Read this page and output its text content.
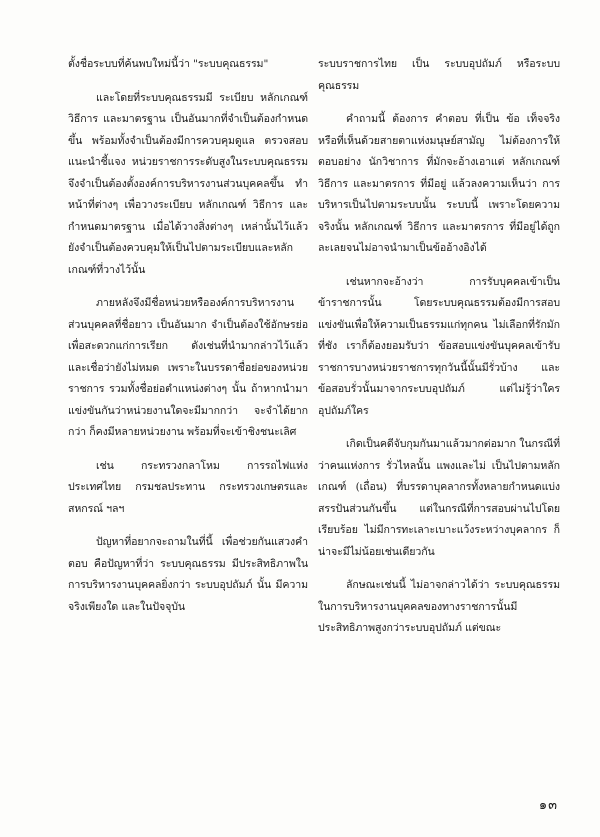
ตั้งชื่อระบบที่ค้นพบใหม่นี้ว่า "ระบบคุณธรรม"

และโดยที่ระบบคุณธรรมมี ระเบียบ หลักเกณฑ์ วิธีการ และมาตรฐาน เป็นอันมากที่จำเป็นต้องกำหนดขึ้น พร้อมทั้งจำเป็นต้องมีการควบคุมดูแล ตรวจสอบ แนะนำชี้แจง หน่วยราชการระดับสูงในระบบคุณธรรมจึงจำเป็นต้องตั้งองค์การบริหารงานส่วนบุคคลขึ้น ทำหน้าที่ต่างๆ เพื่อวางระเบียบ หลักเกณฑ์ วิธีการ และกำหนดมาตรฐาน เมื่อได้วางสิ่งต่างๆ เหล่านั้นไว้แล้ว ยังจำเป็นต้องควบคุมให้เป็นไปตามระเบียบและหลักเกณฑ์ที่วางไว้นั้น

ภายหลังจึงมีชื่อหน่วยหรือองค์การบริหารงานส่วนบุคคลที่ชื่อยาว เป็นอันมาก จำเป็นต้องใช้อักษรย่อ เพื่อสะดวกแก่การเรียก ดังเช่นที่นำมากล่าวไว้แล้ว และเชื่อว่ายังไม่หมด เพราะในบรรดาชื่อย่อของหน่วยราชการ รวมทั้งชื่อย่อตำแหน่งต่างๆ นั้น ถ้าหากนำมาแข่งขันกันว่าหน่วยงานใดจะมีมากกว่า จะจำได้ยากกว่า ก็คงมีหลายหน่วยงาน พร้อมที่จะเข้าชิงชนะเลิศ

เช่น กระทรวงกลาโหม การรถไฟแห่งประเทศไทย กรมชลประทาน กระทรวงเกษตรและสหกรณ์ ฯลฯ

ปัญหาที่อยากจะถามในที่นี้ เพื่อช่วยกันแสวงคำตอบ คือปัญหาที่ว่า ระบบคุณธรรม มีประสิทธิภาพในการบริหารงานบุคคลยิ่งกว่า ระบบอุปถัมภ์ นั้น มีความจริงเพียงใด และในปัจจุบัน

ระบบราชการไทย เป็น ระบบอุปถัมภ์ หรือระบบคุณธรรม

คำถามนี้ ต้องการ คำตอบ ที่เป็น ข้อ เท็จจริง หรือที่เห็นด้วยสายตาแห่งมนุษย์สามัญ ไม่ต้องการให้ตอบอย่าง นักวิชาการ ที่มักจะอ้างเอาแต่ หลักเกณฑ์ วิธีการ และมาตรการ ที่มีอยู่ แล้วลงความเห็นว่า การบริหารเป็นไปตามระบบนั้น ระบบนี้ เพราะโดยความจริงนั้น หลักเกณฑ์ วิธีการ และมาตรการ ที่มีอยู่ได้ถูกละเลยจนไม่อาจนำมาเป็นข้ออ้างอิงได้

เช่นหากจะอ้างว่า การรับบุคคลเข้าเป็นข้าราชการนั้น โดยระบบคุณธรรมต้องมีการสอบแข่งขันเพื่อให้ความเป็นธรรมแก่ทุกคน ไม่เลือกที่รักมักที่ชัง เราก็ต้องยอมรับว่า ข้อสอบแข่งขันบุคคลเข้ารับราชการบางหน่วยราชการทุกวันนี้นั้นมีรั่วบ้าง และข้อสอบรั่วนั้นมาจากระบบอุปถัมภ์ แต่ไม่รู้ว่าใครอุปถัมภ์ใคร

เกิดเป็นคดีจับกุมกันมาแล้วมากต่อมาก ในกรณีที่ว่าคนแห่งการ รั่วไหลนั้น แพงและไม่ เป็นไปตามหลักเกณฑ์ (เถื่อน) ที่บรรดาบุคลากรทั้งหลายกำหนดแบ่งสรรปันส่วนกันขึ้น แต่ในกรณีที่การสอบผ่านไปโดยเรียบร้อย ไม่มีการทะเลาะเบาะแว้งระหว่างบุคลากร ก็น่าจะมีไม่น้อยเช่นเดียวกัน

ลักษณะเช่นนี้ ไม่อาจกล่าวได้ว่า ระบบคุณธรรม ในการบริหารงานบุคคลของทางราชการนั้นมีประสิทธิภาพสูงกว่าระบบอุปถัมภ์ แต่ขณะ

๑๓
